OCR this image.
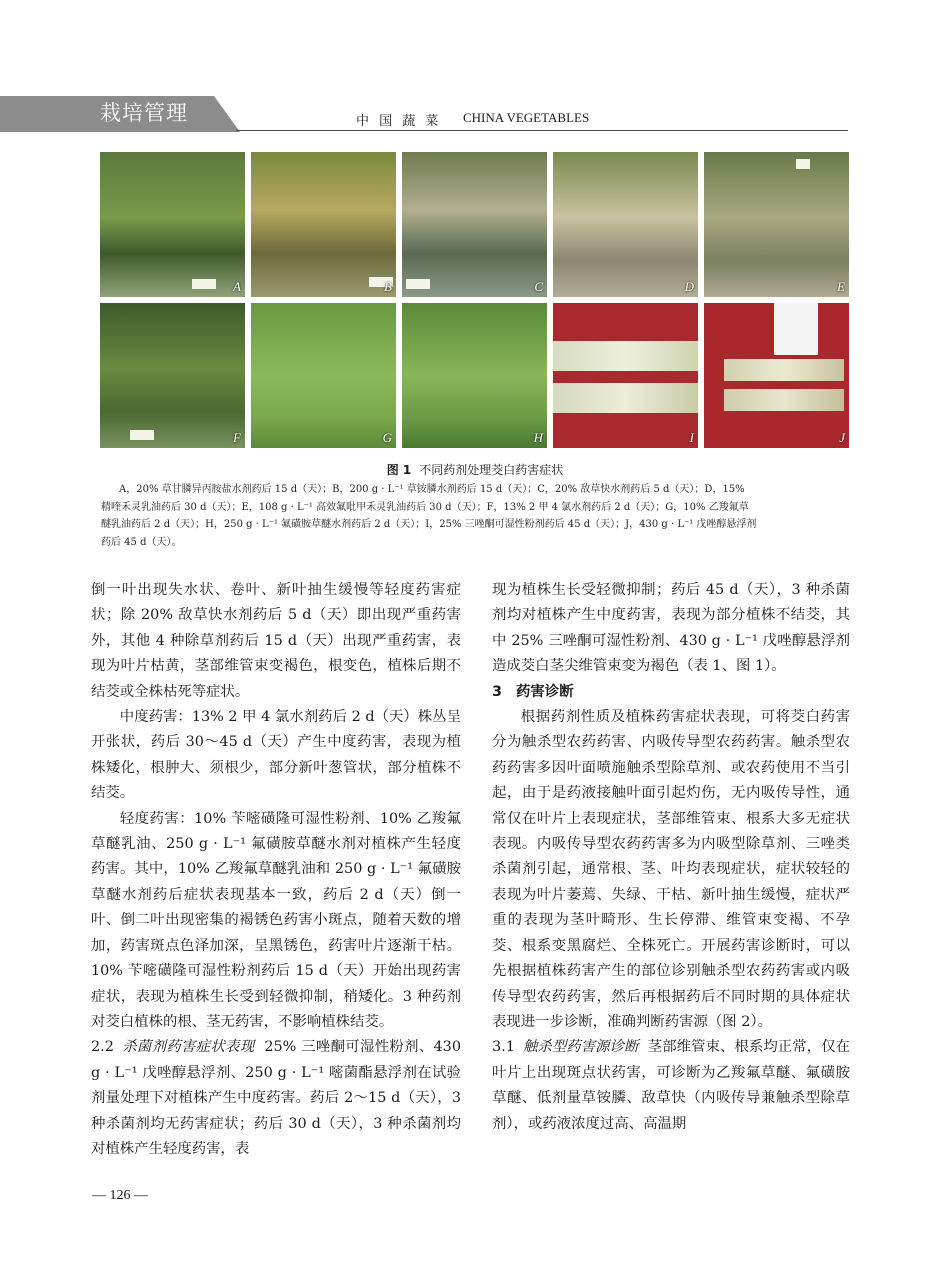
栽培管理	中 国 蔬 菜 CHINA VEGETABLES
A	B	C	D	E
F	G	H	I	J
图 1 不同药剂处理茭白药害症状
A，20% 草甘膦异丙胺盐水剂药后 15 d（天）；B，200 g · L⁻¹ 草铵膦水剂药后 15 d（天）；C，20% 敌草快水剂药后 5 d（天）；D，15%
精喹禾灵乳油药后 30 d（天）；E，108 g · L⁻¹ 高效氟吡甲禾灵乳油药后 30 d（天）；F，13% 2 甲 4 氯水剂药后 2 d（天）；G，10% 乙羧氟草
醚乳油药后 2 d（天）；H，250 g · L⁻¹ 氟磺胺草醚水剂药后 2 d（天）；I，25% 三唑酮可湿性粉剂药后 45 d（天）；J，430 g · L⁻¹ 戊唑醇悬浮剂
药后 45 d（天）。

倒一叶出现失水状、卷叶、新叶抽生缓慢等轻度药害症状；除 20% 敌草快水剂药后 5 d（天）即出现严重药害外，其他 4 种除草剂药后 15 d（天）出现严重药害，表现为叶片枯黄，茎部维管束变褐色，根变色，植株后期不结茭或全株枯死等症状。

中度药害：13% 2 甲 4 氯水剂药后 2 d（天）株丛呈开张状，药后 30～45 d（天）产生中度药害，表现为植株矮化，根肿大、须根少，部分新叶葱管状，部分植株不结茭。

轻度药害：10% 苄嘧磺隆可湿性粉剂、10% 乙羧氟草醚乳油、250 g · L⁻¹ 氟磺胺草醚水剂对植株产生轻度药害。其中，10% 乙羧氟草醚乳油和 250 g · L⁻¹ 氟磺胺草醚水剂药后症状表现基本一致，药后 2 d（天）倒一叶、倒二叶出现密集的褐锈色药害小斑点，随着天数的增加，药害斑点色泽加深，呈黑锈色，药害叶片逐渐干枯。10% 苄嘧磺隆可湿性粉剂药后 15 d（天）开始出现药害症状，表现为植株生长受到轻微抑制，稍矮化。3 种药剂对茭白植株的根、茎无药害，不影响植株结茭。

2.2 杀菌剂药害症状表现 25% 三唑酮可湿性粉剂、430 g · L⁻¹ 戊唑醇悬浮剂、250 g · L⁻¹ 嘧菌酯悬浮剂在试验剂量处理下对植株产生中度药害。药后 2～15 d（天），3 种杀菌剂均无药害症状；药后 30 d（天），3 种杀菌剂均对植株产生轻度药害，表

现为植株生长受轻微抑制；药后 45 d（天），3 种杀菌剂均对植株产生中度药害，表现为部分植株不结茭，其中 25% 三唑酮可湿性粉剂、430 g · L⁻¹ 戊唑醇悬浮剂造成茭白茎尖维管束变为褐色（表 1、图 1）。

3 药害诊断

根据药剂性质及植株药害症状表现，可将茭白药害分为触杀型农药药害、内吸传导型农药药害。触杀型农药药害多因叶面喷施触杀型除草剂、或农药使用不当引起，由于是药液接触叶面引起灼伤，无内吸传导性，通常仅在叶片上表现症状，茎部维管束、根系大多无症状表现。内吸传导型农药药害多为内吸型除草剂、三唑类杀菌剂引起，通常根、茎、叶均表现症状，症状较轻的表现为叶片萎蔫、失绿、干枯、新叶抽生缓慢，症状严重的表现为茎叶畸形、生长停滞、维管束变褐、不孕茭、根系变黑腐烂、全株死亡。开展药害诊断时，可以先根据植株药害产生的部位诊别触杀型农药药害或内吸传导型农药药害，然后再根据药后不同时期的具体症状表现进一步诊断，准确判断药害源（图 2）。

3.1 触杀型药害源诊断 茎部维管束、根系均正常，仅在叶片上出现斑点状药害，可诊断为乙羧氟草醚、氟磺胺草醚、低剂量草铵膦、敌草快（内吸传导兼触杀型除草剂），或药液浓度过高、高温期

— 126 —
